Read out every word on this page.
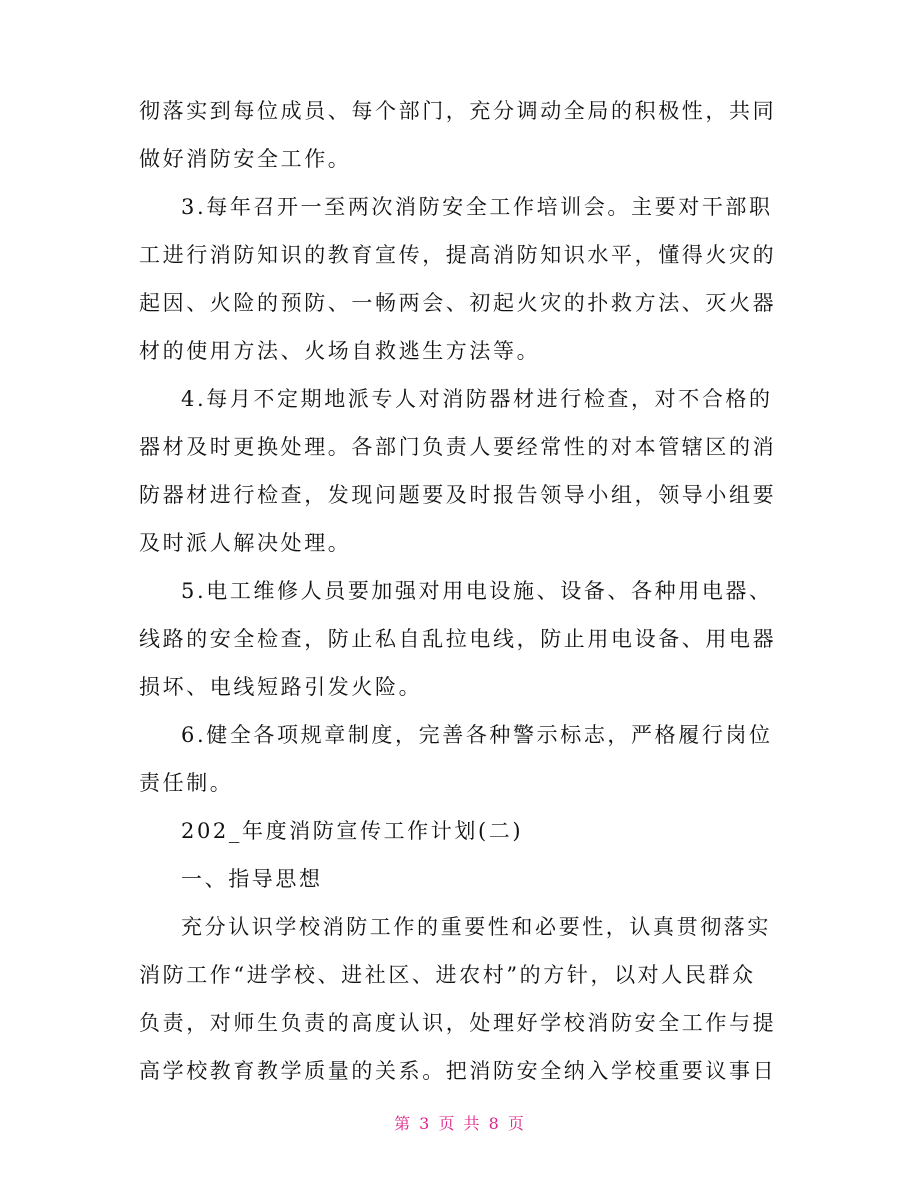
彻落实到每位成员、每个部门，充分调动全局的积极性，共同
做好消防安全工作。
3.每年召开一至两次消防安全工作培训会。主要对干部职
工进行消防知识的教育宣传，提高消防知识水平，懂得火灾的
起因、火险的预防、一畅两会、初起火灾的扑救方法、灭火器
材的使用方法、火场自救逃生方法等。
4.每月不定期地派专人对消防器材进行检查，对不合格的
器材及时更换处理。各部门负责人要经常性的对本管辖区的消
防器材进行检查，发现问题要及时报告领导小组，领导小组要
及时派人解决处理。
5.电工维修人员要加强对用电设施、设备、各种用电器、
线路的安全检查，防止私自乱拉电线，防止用电设备、用电器
损坏、电线短路引发火险。
6.健全各项规章制度，完善各种警示标志，严格履行岗位
责任制。
202_年度消防宣传工作计划(二)
一、指导思想
充分认识学校消防工作的重要性和必要性，认真贯彻落实
消防工作“进学校、进社区、进农村”的方针，以对人民群众
负责，对师生负责的高度认识，处理好学校消防安全工作与提
高学校教育教学质量的关系。把消防安全纳入学校重要议事日
第 3 页 共 8 页
